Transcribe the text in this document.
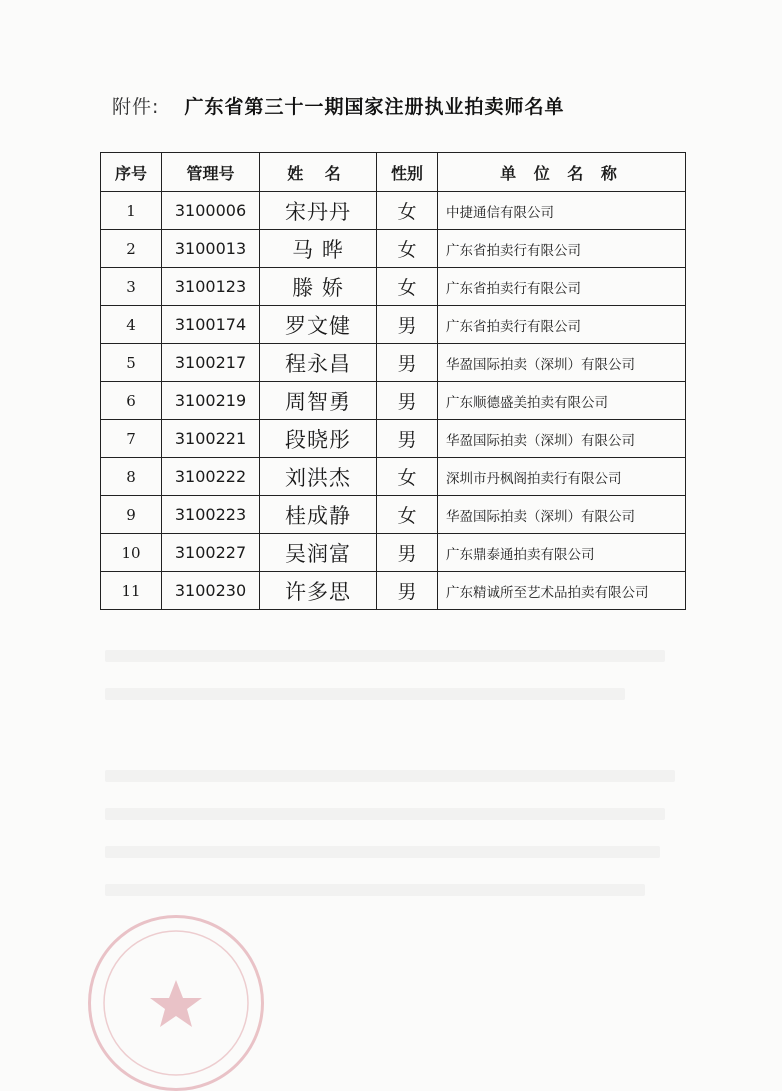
附件: 广东省第三十一期国家注册执业拍卖师名单
序号	管理号	姓 名	性别	单 位 名 称
1	3100006	宋丹丹	女	中捷通信有限公司
2	3100013	马 晔	女	广东省拍卖行有限公司
3	3100123	滕 娇	女	广东省拍卖行有限公司
4	3100174	罗文健	男	广东省拍卖行有限公司
5	3100217	程永昌	男	华盈国际拍卖（深圳）有限公司
6	3100219	周智勇	男	广东顺德盛美拍卖有限公司
7	3100221	段晓彤	男	华盈国际拍卖（深圳）有限公司
8	3100222	刘洪杰	女	深圳市丹枫阁拍卖行有限公司
9	3100223	桂成静	女	华盈国际拍卖（深圳）有限公司
10	3100227	吴润富	男	广东鼎泰通拍卖有限公司
11	3100230	许多思	男	广东精诚所至艺术品拍卖有限公司
